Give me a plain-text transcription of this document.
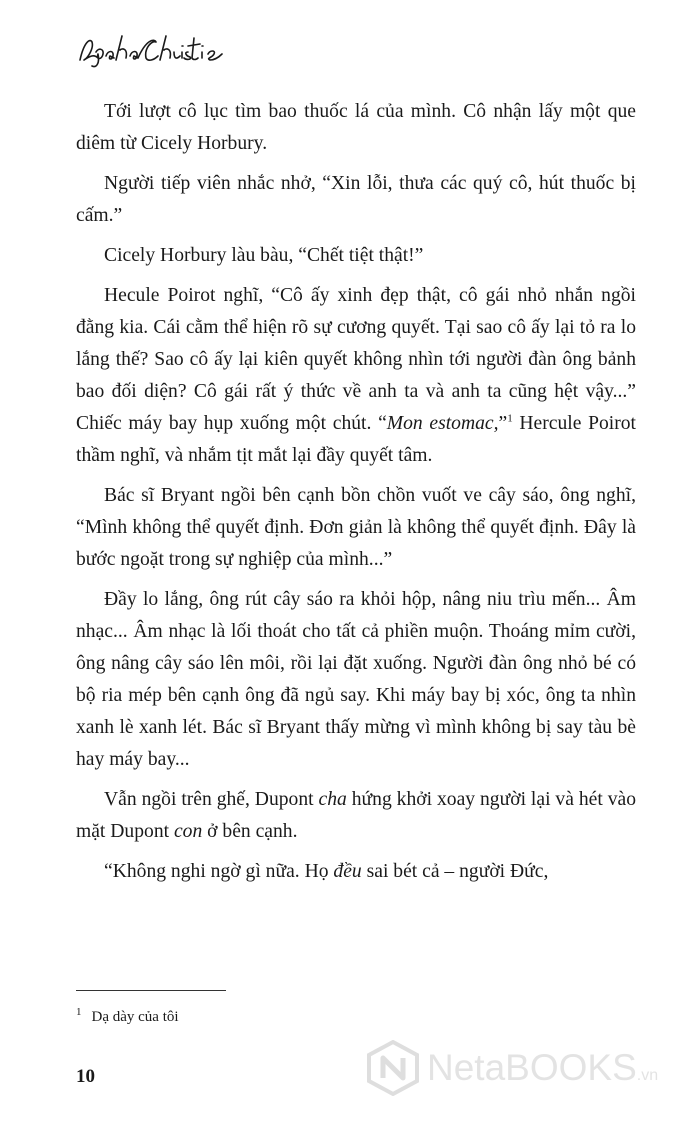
Tới lượt cô lục tìm bao thuốc lá của mình. Cô nhận lấy một que diêm từ Cicely Horbury.

Người tiếp viên nhắc nhở, “Xin lỗi, thưa các quý cô, hút thuốc bị cấm.”

Cicely Horbury làu bàu, “Chết tiệt thật!”

Hecule Poirot nghĩ, “Cô ấy xinh đẹp thật, cô gái nhỏ nhắn ngồi đằng kia. Cái cằm thể hiện rõ sự cương quyết. Tại sao cô ấy lại tỏ ra lo lắng thế? Sao cô ấy lại kiên quyết không nhìn tới người đàn ông bảnh bao đối diện? Cô gái rất ý thức về anh ta và anh ta cũng hệt vậy...” Chiếc máy bay hụp xuống một chút. “Mon estomac,”$^1$ Hercule Poirot thầm nghĩ, và nhắm tịt mắt lại đầy quyết tâm.

Bác sĩ Bryant ngồi bên cạnh bồn chồn vuốt ve cây sáo, ông nghĩ, “Mình không thể quyết định. Đơn giản là không thể quyết định. Đây là bước ngoặt trong sự nghiệp của mình...”

Đầy lo lắng, ông rút cây sáo ra khỏi hộp, nâng niu trìu mến... Âm nhạc... Âm nhạc là lối thoát cho tất cả phiền muộn. Thoáng mỉm cười, ông nâng cây sáo lên môi, rồi lại đặt xuống. Người đàn ông nhỏ bé có bộ ria mép bên cạnh ông đã ngủ say. Khi máy bay bị xóc, ông ta nhìn xanh lè xanh lét. Bác sĩ Bryant thấy mừng vì mình không bị say tàu bè hay máy bay...

Vẫn ngồi trên ghế, Dupont cha hứng khởi xoay người lại và hét vào mặt Dupont con ở bên cạnh.

“Không nghi ngờ gì nữa. Họ đều sai bét cả – người Đức,

$^1$ Dạ dày của tôi
10	NetaBOOKS.vn
